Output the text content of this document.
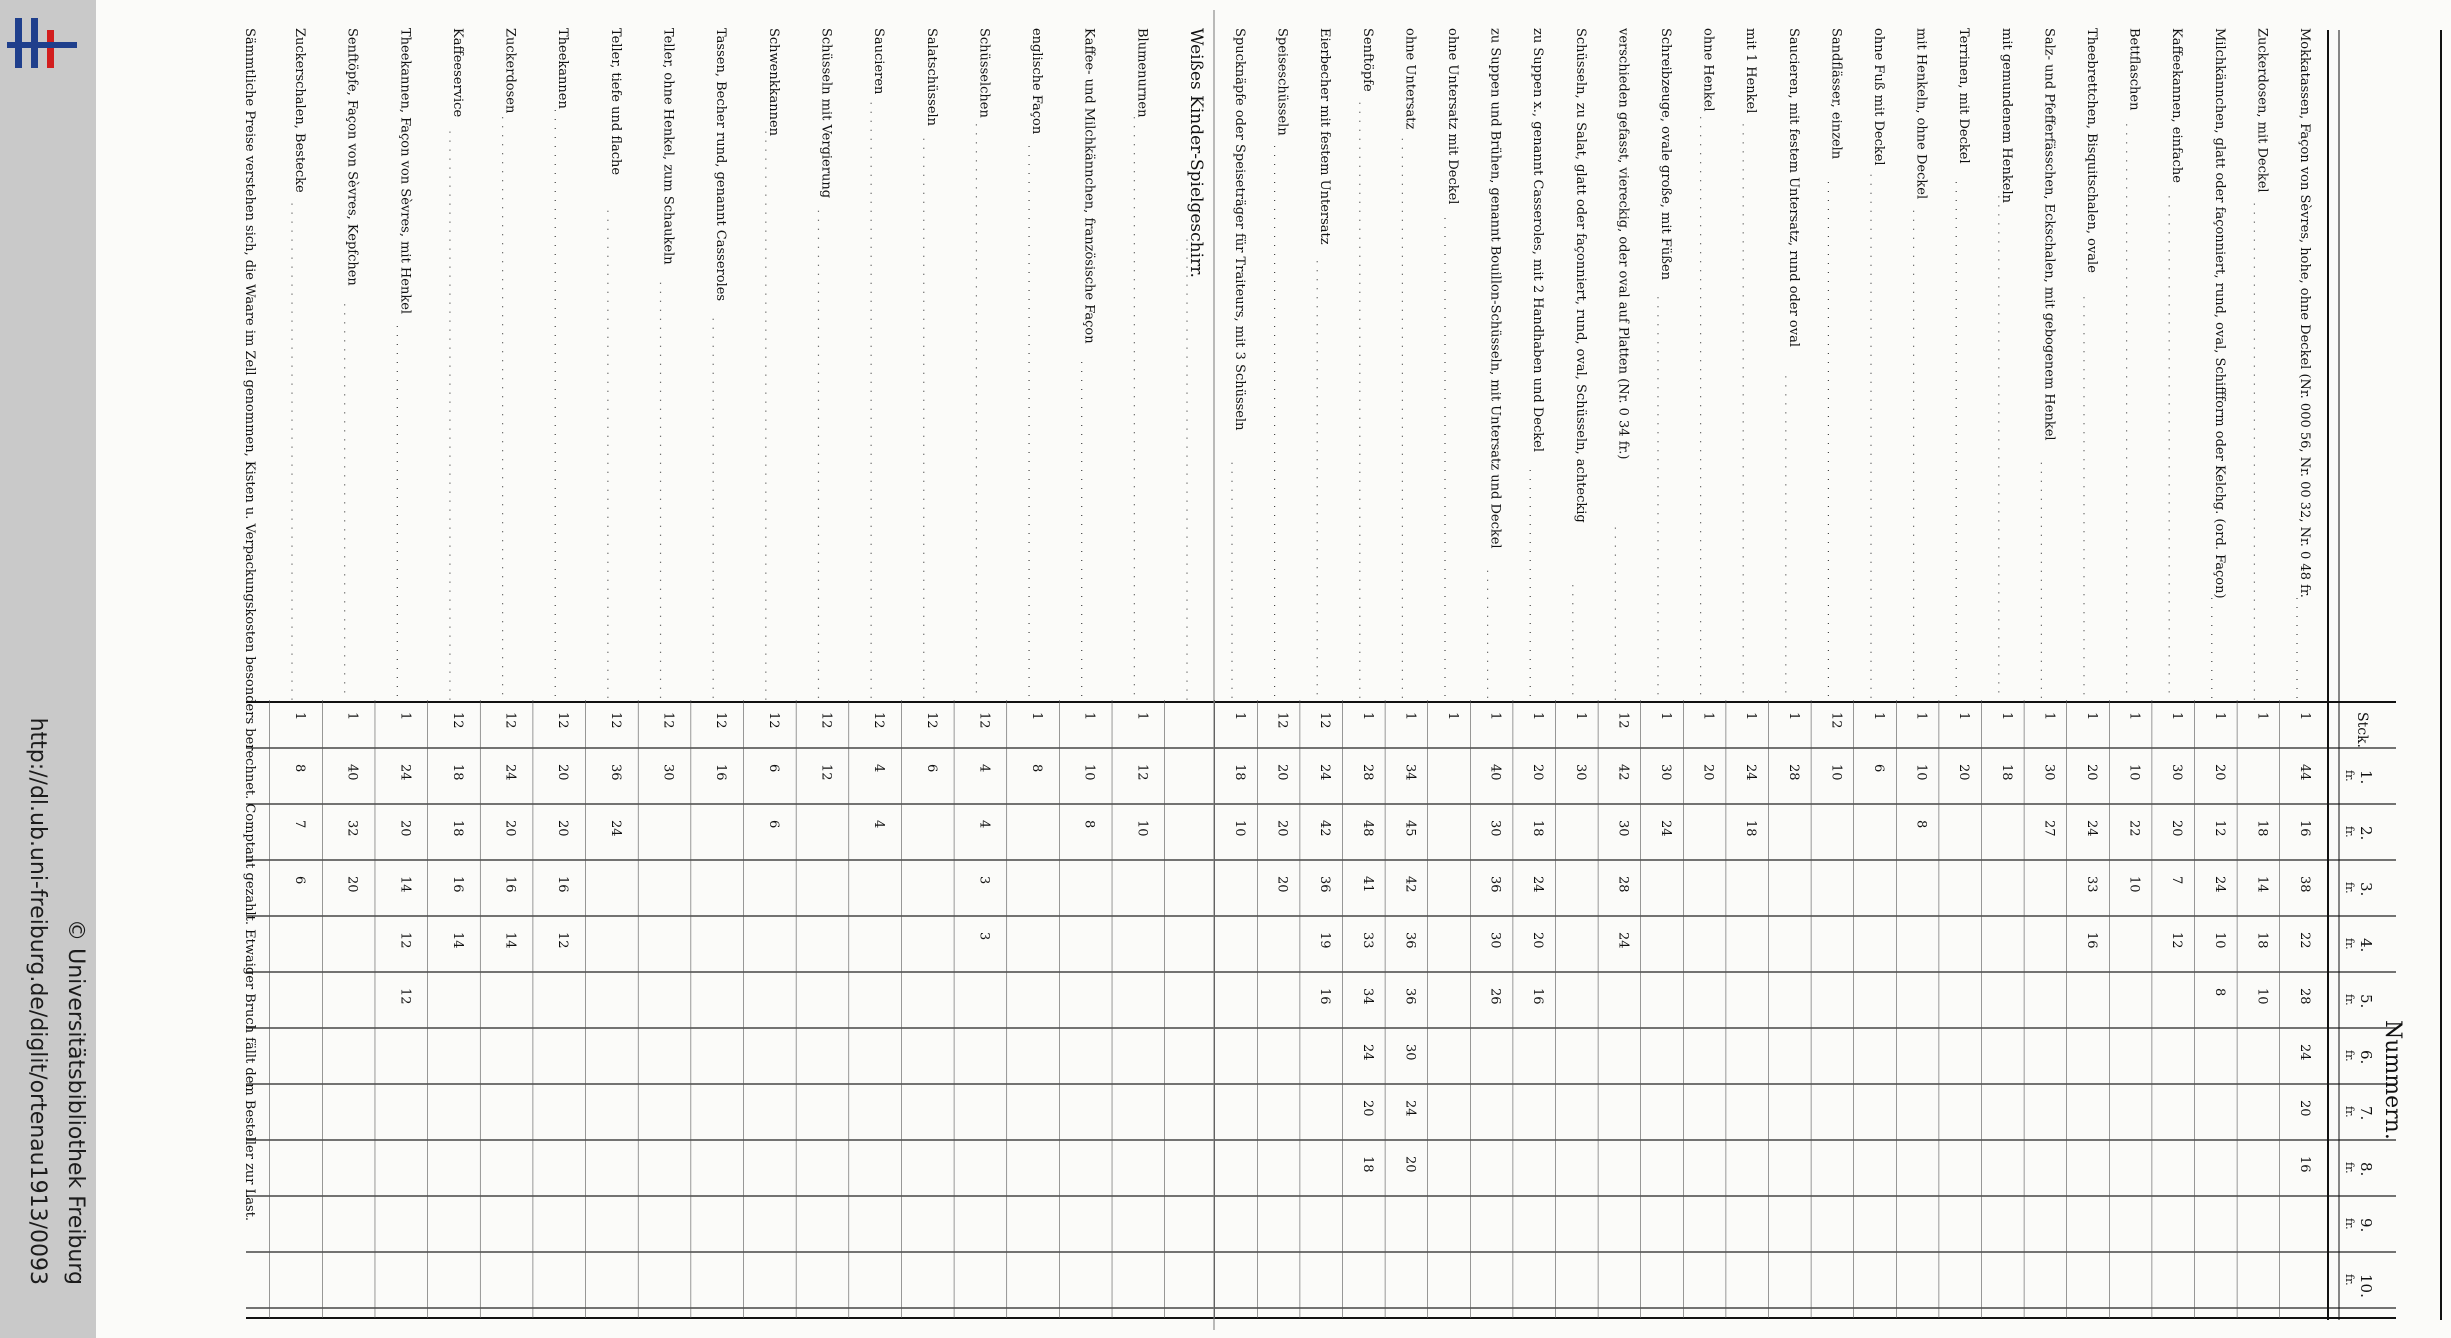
http://dl.ub.uni-freiburg.de/diglit/ortenau1913/0093 © Universitätsbibliothek Freiburg	Nummern.
Stck.
1.
fr.
2.
fr.
3.
fr.
4.
fr.
5.
fr.
6.
fr.
7.
fr.
8.
fr.
9.
fr.
10.
fr.
Mokkatassen, Façon von Sèvres, hohe, ohne Deckel (Nr. 000 56, Nr. 00 32, Nr. 0 48 fr.
1
44
16
38
22
28
24
20
16
Zuckerdosen, mit Deckel
1
18
14
18
10
Milchkännchen, glatt oder façonniert, rund, oval, Schiffform oder Kelchg. (ord. Façon)
1
20
12
24
10
8
Kaffeekannen, einfache
1
30
20
7
12
Bettflaschen
1
10
22
10
Theebrettchen, Bisquitschalen, ovale
1
20
24
33
16
Salz- und Pfefferfässchen, Eckschalen, mit gebogenem Henkel
1
30
27
mit gemundenem Henkeln
1
18
Terrinen, mit Deckel
1
20
mit Henkeln, ohne Deckel
1
10
8
ohne Fuß mit Deckel
1
6
Sandflässer, einzeln
12
10
Saucieren, mit festem Untersatz, rund oder oval
1
28
mit 1 Henkel
1
24
18
ohne Henkel
1
20
Schreibzeuge, ovale große, mit Füßen
1
30
24
verschieden gefasst, viereckig, oder oval auf Platten (Nr. 0 34 fr.)
12
42
30
28
24
Schüsseln, zu Salat, glatt oder façonniert, rund, oval, Schüsseln, achteckig
1
30
zu Suppen x., genannt Casseroles, mit 2 Handhaben und Deckel
1
20
18
24
20
16
zu Suppen und Brühen, genannt Bouillon-Schüsseln, mit Untersatz und Deckel
1
40
30
36
30
26
ohne Untersatz mit Deckel
1
ohne Untersatz
1
34
45
42
36
36
30
24
20
Senftöpfe
1
28
48
41
33
34
24
20
18
Eierbecher mit festem Untersatz
12
24
42
36
19
16
Speiseschüsseln
12
20
20
20
Spucknäpfe oder Speiseträger für Traiteurs, mit 3 Schüsseln
1
18
10
Weißes Kinder-Spielgeschirr.
Blumenurnen
1
12
10
Kaffee- und Milchkännchen, französische Façon
1
10
8
englische Façon
1
8
Schüsselchen
12
4
4
3
3
Salatschüsseln
12
6
Saucieren
12
4
4
Schüsseln mit Vergierung
12
12
Schwenkkannen
12
6
6
Tassen, Becher rund, genannt Casseroles
12
16
Teller, ohne Henkel, zum Schaukeln
12
30
Teller, tiefe und flache
12
36
24
Theekannen
12
20
20
16
12
Zuckerdosen
12
24
20
16
14
Kaffeeservice
12
18
18
16
14
Theekannen, Façon von Sèvres, mit Henkel
1
24
20
14
12
12
Senftöpfe, Façon von Sèvres, Kepfchen
1
40
32
20
Zuckerschalen, Bestecke
1
8
7
6
Sämmtliche Preise verstehen sich, die Waare im Zell genommen, Kisten u. Verpackungskosten besonders berechnet. Comptant gezahlt. Etwaiger Bruch fällt dem Besteller zur Last.
